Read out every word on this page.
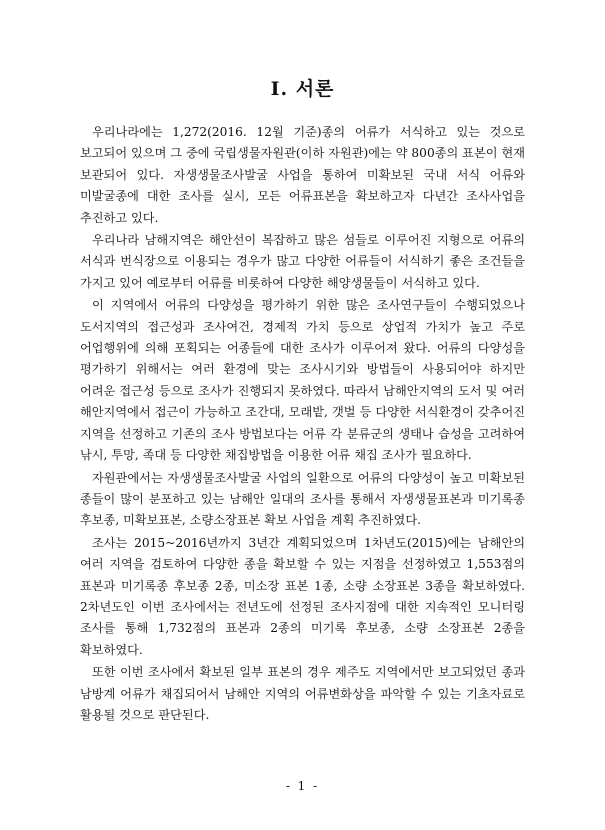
I. 서론

우리나라에는 1,272(2016. 12월 기준)종의 어류가 서식하고 있는 것으로 보고되어 있으며 그 중에 국립생물자원관(이하 자원관)에는 약 800종의 표본이 현재 보관되어 있다. 자생생물조사발굴 사업을 통하여 미확보된 국내 서식 어류와 미발굴종에 대한 조사를 실시, 모든 어류표본을 확보하고자 다년간 조사사업을 추진하고 있다.

우리나라 남해지역은 해안선이 복잡하고 많은 섬들로 이루어진 지형으로 어류의 서식과 번식장으로 이용되는 경우가 많고 다양한 어류들이 서식하기 좋은 조건들을 가지고 있어 예로부터 어류를 비롯하여 다양한 해양생물들이 서식하고 있다.

이 지역에서 어류의 다양성을 평가하기 위한 많은 조사연구들이 수행되었으나 도서지역의 접근성과 조사여건, 경제적 가치 등으로 상업적 가치가 높고 주로 어업행위에 의해 포획되는 어종들에 대한 조사가 이루어져 왔다. 어류의 다양성을 평가하기 위해서는 여러 환경에 맞는 조사시기와 방법들이 사용되어야 하지만 어려운 접근성 등으로 조사가 진행되지 못하였다. 따라서 남해안지역의 도서 및 여러 해안지역에서 접근이 가능하고 조간대, 모래밭, 갯벌 등 다양한 서식환경이 갖추어진 지역을 선정하고 기존의 조사 방법보다는 어류 각 분류군의 생태나 습성을 고려하여 낚시, 투망, 족대 등 다양한 채집방법을 이용한 어류 채집 조사가 필요하다.

자원관에서는 자생생물조사발굴 사업의 일환으로 어류의 다양성이 높고 미확보된 종들이 많이 분포하고 있는 남해안 일대의 조사를 통해서 자생생물표본과 미기록종 후보종, 미확보표본, 소량소장표본 확보 사업을 계획 추진하였다.

조사는 2015~2016년까지 3년간 계획되었으며 1차년도(2015)에는 남해안의 여러 지역을 검토하여 다양한 종을 확보할 수 있는 지점을 선정하였고 1,553점의 표본과 미기록종 후보종 2종, 미소장 표본 1종, 소량 소장표본 3종을 확보하였다. 2차년도인 이번 조사에서는 전년도에 선정된 조사지점에 대한 지속적인 모니터링 조사를 통해 1,732점의 표본과 2종의 미기록 후보종, 소량 소장표본 2종을 확보하였다.

또한 이번 조사에서 확보된 일부 표본의 경우 제주도 지역에서만 보고되었던 종과 남방계 어류가 채집되어서 남해안 지역의 어류변화상을 파악할 수 있는 기초자료로 활용될 것으로 판단된다.

- 1 -
